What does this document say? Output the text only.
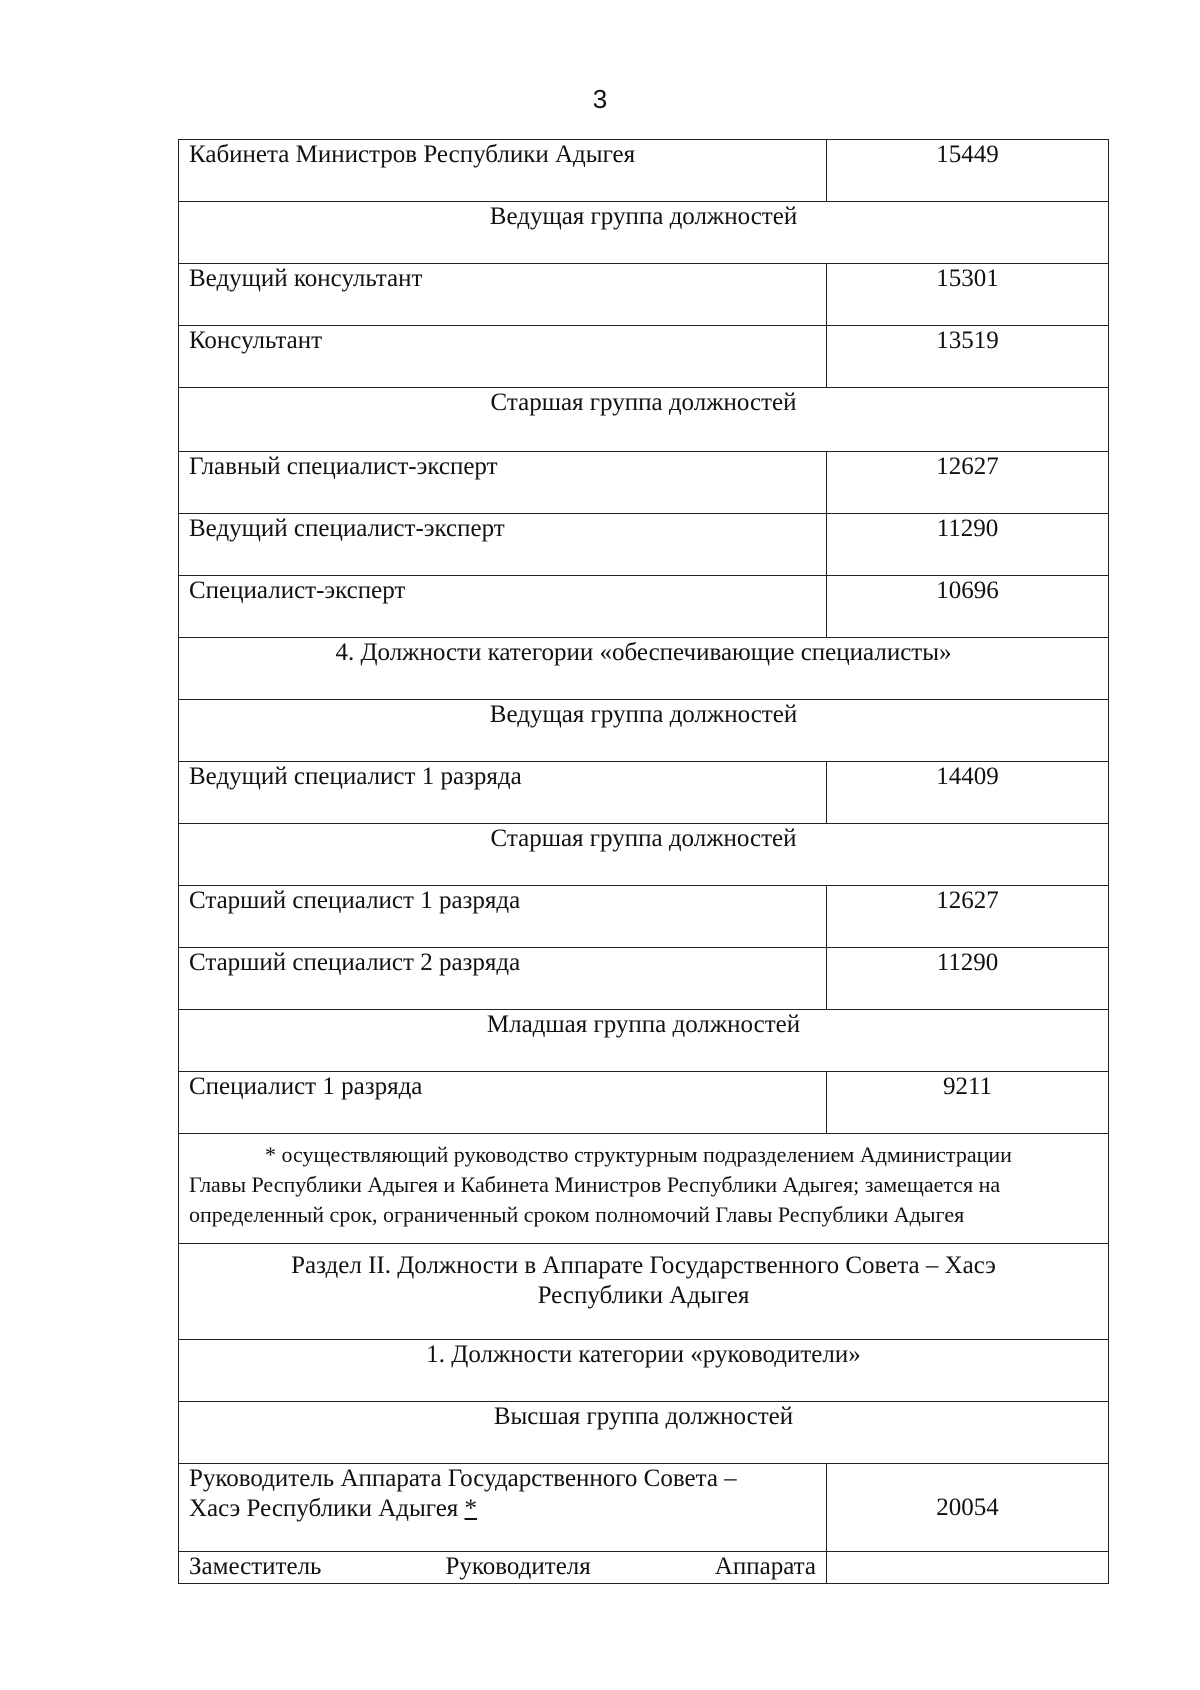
3
Кабинета Министров Республики Адыгея	15449
Ведущая группа должностей	
Ведущий консультант	15301
Консультант	13519
Старшая группа должностей	
Главный специалист-эксперт	12627
Ведущий специалист-эксперт	11290
Специалист-эксперт	10696
4. Должности категории «обеспечивающие специалисты»	
Ведущая группа должностей	
Ведущий специалист 1 разряда	14409
Старшая группа должностей	
Старший специалист 1 разряда	12627
Старший специалист 2 разряда	11290
Младшая группа должностей	
Специалист 1 разряда	9211

* осуществляющий руководство структурным подразделением Администрации
Главы Республики Адыгея и Кабинета Министров Республики Адыгея; замещается на
определенный срок, ограниченный сроком полномочий Главы Республики Адыгея	

Раздел II. Должности в Аппарате Государственного Совета – Хасэ
Республики Адыгея	

1. Должности категории «руководители»	
Высшая группа должностей	

Руководитель Аппарата Государственного Совета –
Хасэ Республики Адыгея *	20054

Заместитель Руководителя Аппарата	
